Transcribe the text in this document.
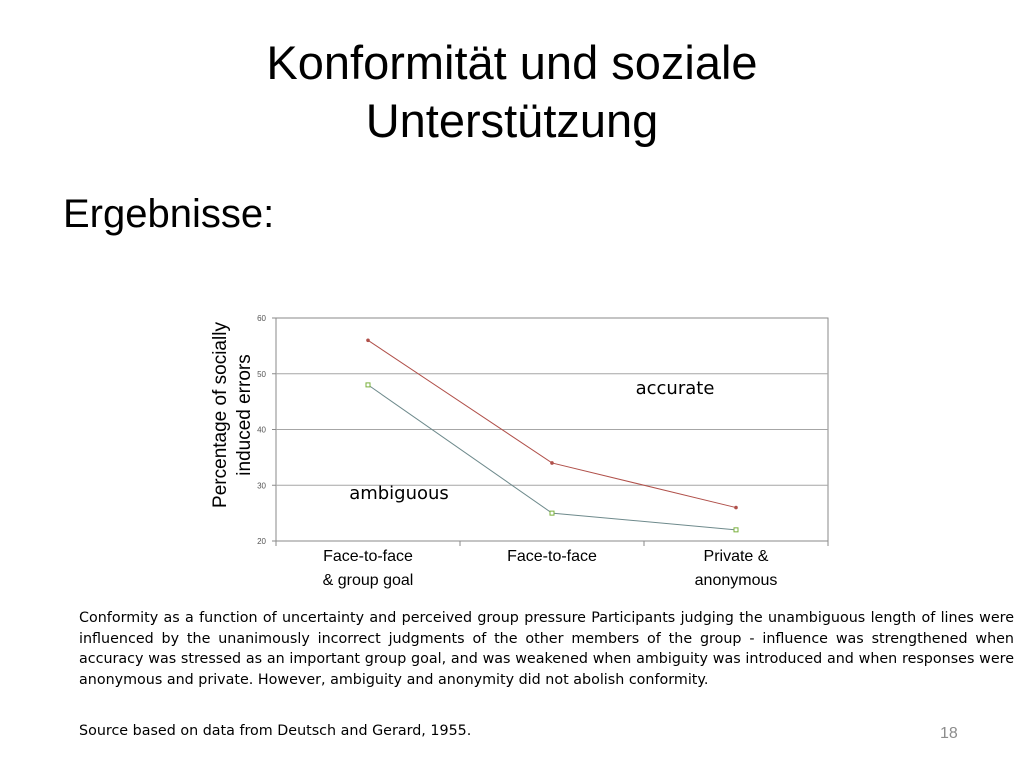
Konformität und soziale
Unterstützung
Ergebnisse:
20
30
40
50
60
Face-to-face
& group goal
Face-to-face	Private &
anonymous
Percentage of socially induced errors	accurate
ambiguous
Conformity as a function of uncertainty and perceived group pressure Participants judging the unambiguous length of lines were influenced by the unanimously incorrect judgments of the other members of the group - influence was strengthened when accuracy was stressed as an important group goal, and was weakened when ambiguity was introduced and when responses were anonymous and private. However, ambiguity and anonymity did not abolish conformity.
Source based on data from Deutsch and Gerard, 1955.	18
